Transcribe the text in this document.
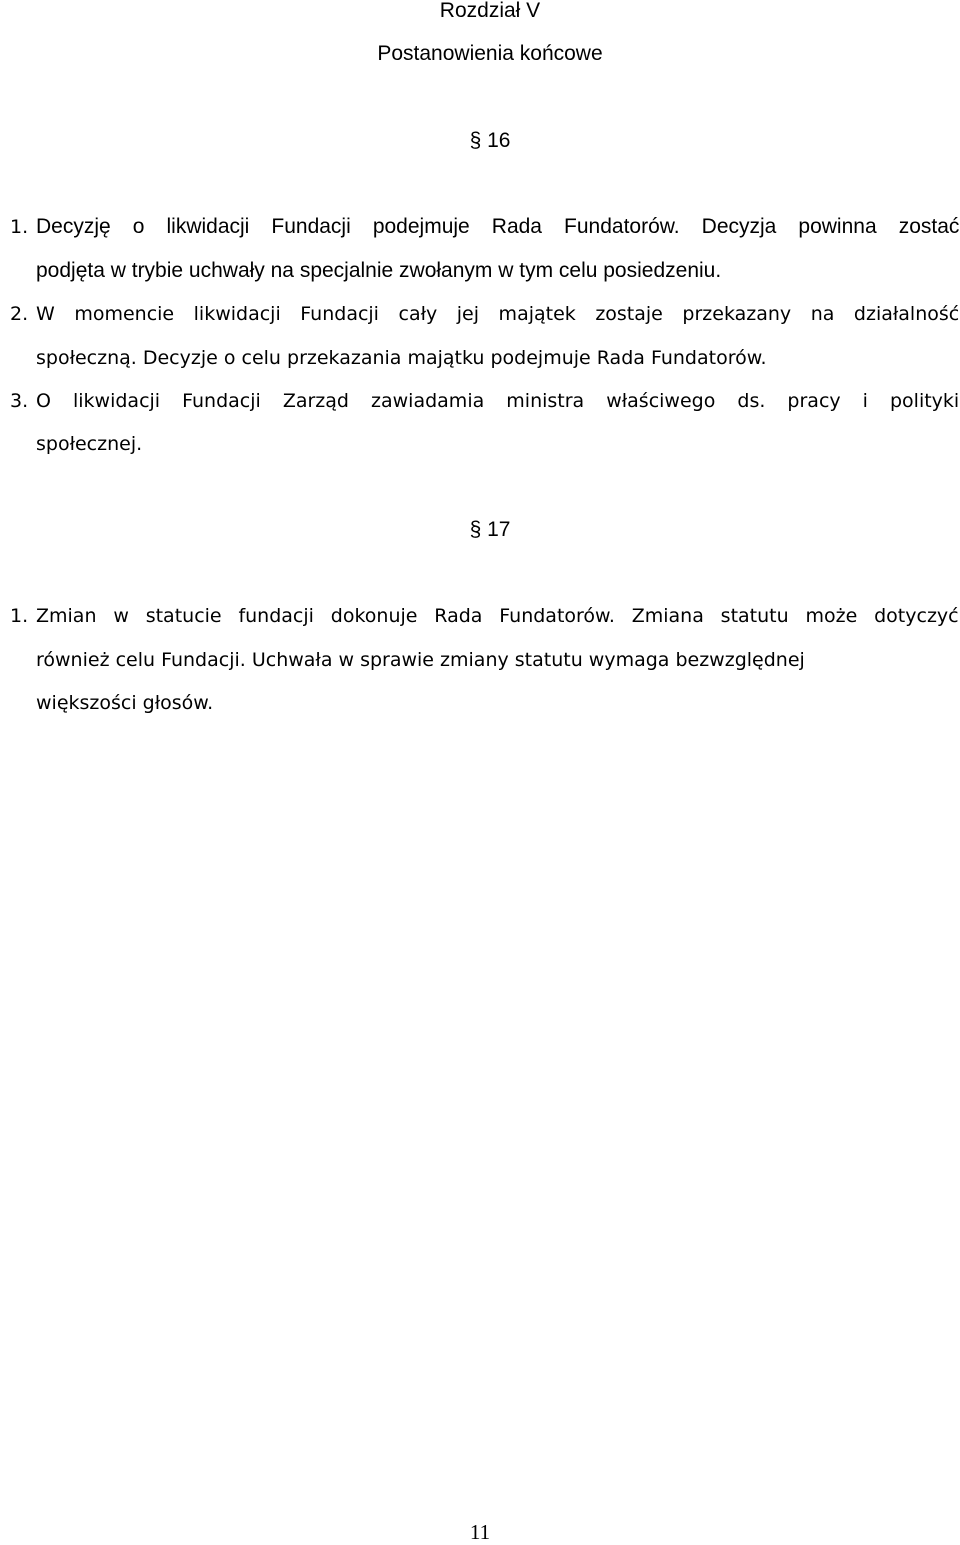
Rozdział V
Postanowienia końcowe
§ 16
1. Decyzję o likwidacji Fundacji podejmuje Rada Fundatorów. Decyzja powinna zostać
podjęta w trybie uchwały na specjalnie zwołanym w tym celu posiedzeniu.
2. W momencie likwidacji Fundacji cały jej majątek zostaje przekazany na działalność
społeczną. Decyzje o celu przekazania majątku podejmuje Rada Fundatorów.
3. O likwidacji Fundacji Zarząd zawiadamia ministra właściwego ds. pracy i polityki
społecznej.
§ 17
1. Zmian w statucie fundacji dokonuje Rada Fundatorów. Zmiana statutu może dotyczyć
również celu Fundacji. Uchwała w sprawie zmiany statutu wymaga bezwzględnej
większości głosów.
11
